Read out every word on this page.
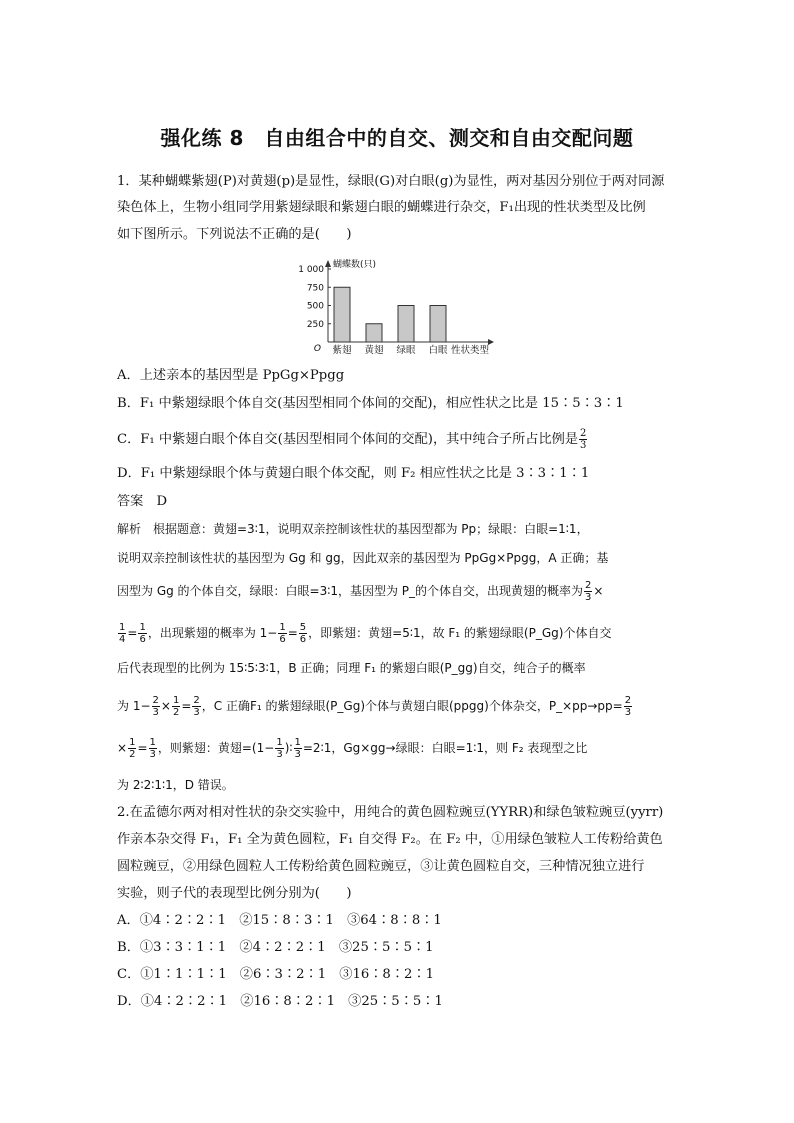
强化练 8　自由组合中的自交、测交和自由交配问题
1．某种蝴蝶紫翅(P)对黄翅(p)是显性，绿眼(G)对白眼(g)为显性，两对基因分别位于两对同源
染色体上，生物小组同学用紫翅绿眼和紫翅白眼的蝴蝶进行杂交，F₁出现的性状类型及比例
如下图所示。下列说法不正确的是(　　)
蝴蝶数(只)
O
250
500
750
1 000
紫翅 黄翅 绿眼 白眼 性状类型
A．上述亲本的基因型是 PpGg×Ppgg
B．F₁ 中紫翅绿眼个体自交(基因型相同个体间的交配)，相应性状之比是 15∶5∶3∶1
C．F₁ 中紫翅白眼个体自交(基因型相同个体间的交配)，其中纯合子所占比例是 $\frac{2}{3}$
D．F₁ 中紫翅绿眼个体与黄翅白眼个体交配，则 F₂ 相应性状之比是 3∶3∶1∶1
答案　D
解析　根据题意：黄翅=3∶1，说明双亲控制该性状的基因型都为 Pp；绿眼：白眼=1∶1，
说明双亲控制该性状的基因型为 Gg 和 gg，因此双亲的基因型为 PpGg×Ppgg，A 正确；基
因型为 Gg 的个体自交，绿眼：白眼=3∶1，基因型为 P_的个体自交，出现黄翅的概率为 $\frac{2}{3}$ ×
$\frac{1}{4} = \frac{1}{6}$ ，出现紫翅的概率为 $1- \frac{1}{6} = \frac{5}{6}$ ，即紫翅：黄翅=5∶1，故 F₁ 的紫翅绿眼(P_Gg)个体自交
后代表现型的比例为 15∶5∶3∶1，B 正确；同理 F₁ 的紫翅白眼(P_gg)自交，纯合子的概率
为 $1- \frac{2}{3} \times \frac{1}{2} = \frac{2}{3}$ ，C 正确F₁ 的紫翅绿眼(P_Gg)个体与黄翅白眼(ppgg)个体杂交，P_×pp→pp= $\frac{2}{3}$
× $\frac{1}{2} = \frac{1}{3}$ ，则紫翅：黄翅$=(1- \frac{1}{3}$ )∶ $\frac{1}{3}$ =2∶1，Gg×gg→绿眼：白眼=1∶1，则 F₂ 表现型之比
为 2∶2∶1∶1，D 错误。
2.在孟德尔两对相对性状的杂交实验中，用纯合的黄色圆粒豌豆(YYRR)和绿色皱粒豌豆(yyrr)
作亲本杂交得 F₁，F₁ 全为黄色圆粒，F₁ 自交得 F₂。在 F₂ 中，①用绿色皱粒人工传粉给黄色
圆粒豌豆，②用绿色圆粒人工传粉给黄色圆粒豌豆，③让黄色圆粒自交，三种情况独立进行
实验，则子代的表现型比例分别为(　　)
A．①4∶2∶2∶1　②15∶8∶3∶1　③64∶8∶8∶1
B．①3∶3∶1∶1　②4∶2∶2∶1　③25∶5∶5∶1
C．①1∶1∶1∶1　②6∶3∶2∶1　③16∶8∶2∶1
D．①4∶2∶2∶1　②16∶8∶2∶1　③25∶5∶5∶1
